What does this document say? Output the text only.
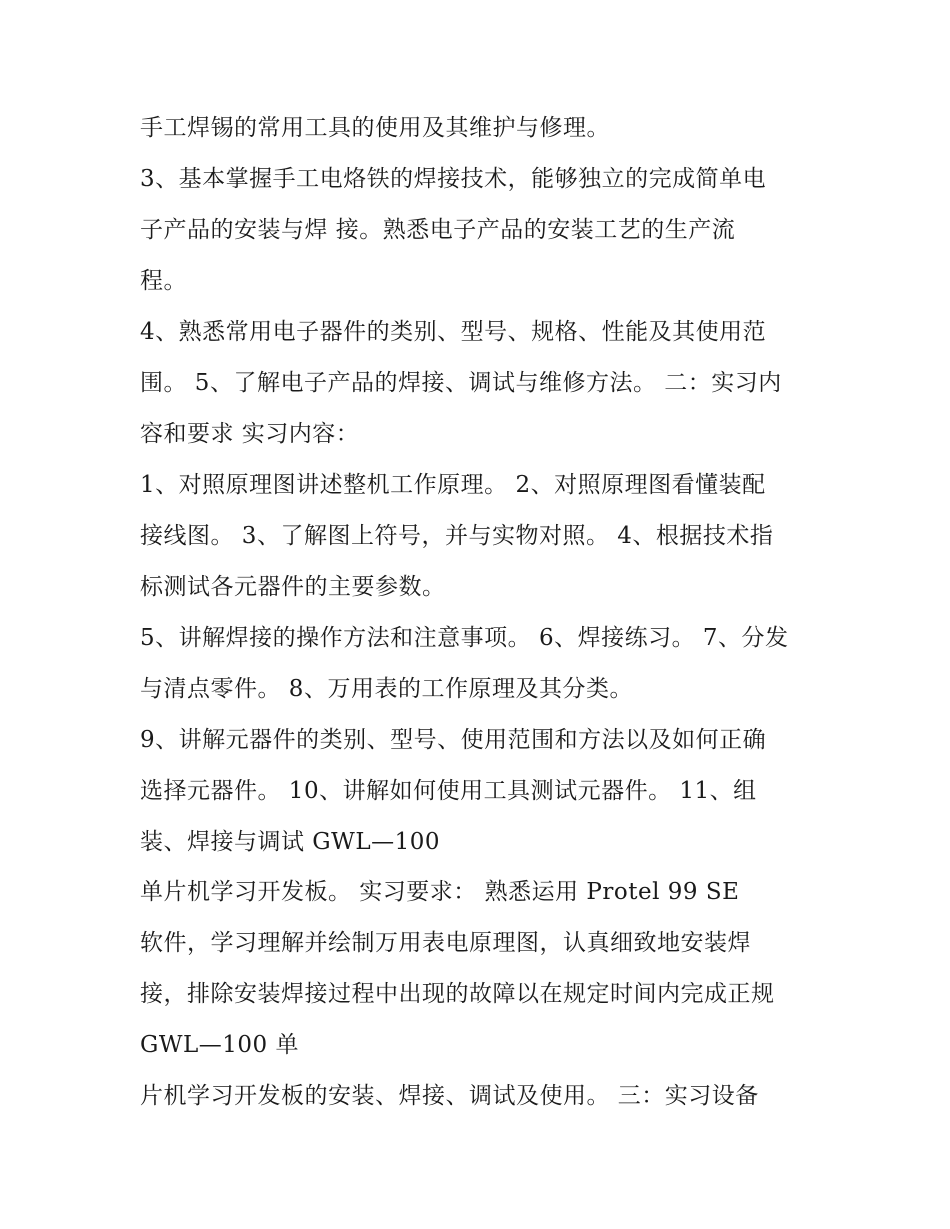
手工焊锡的常用工具的使用及其维护与修理。
3、基本掌握手工电烙铁的焊接技术，能够独立的完成简单电
子产品的安装与焊 接。熟悉电子产品的安装工艺的生产流
程。
4、熟悉常用电子器件的类别、型号、规格、性能及其使用范
围。 5、了解电子产品的焊接、调试与维修方法。 二：实习内
容和要求 实习内容：
1、对照原理图讲述整机工作原理。 2、对照原理图看懂装配
接线图。 3、了解图上符号，并与实物对照。 4、根据技术指
标测试各元器件的主要参数。
5、讲解焊接的操作方法和注意事项。 6、焊接练习。 7、分发
与清点零件。 8、万用表的工作原理及其分类。
9、讲解元器件的类别、型号、使用范围和方法以及如何正确
选择元器件。 10、讲解如何使用工具测试元器件。 11、组
装、焊接与调试 GWL—100
单片机学习开发板。 实习要求： 熟悉运用 Protel 99 SE
软件，学习理解并绘制万用表电原理图，认真细致地安装焊
接，排除安装焊接过程中出现的故障以在规定时间内完成正规
GWL—100 单
片机学习开发板的安装、焊接、调试及使用。 三：实习设备
